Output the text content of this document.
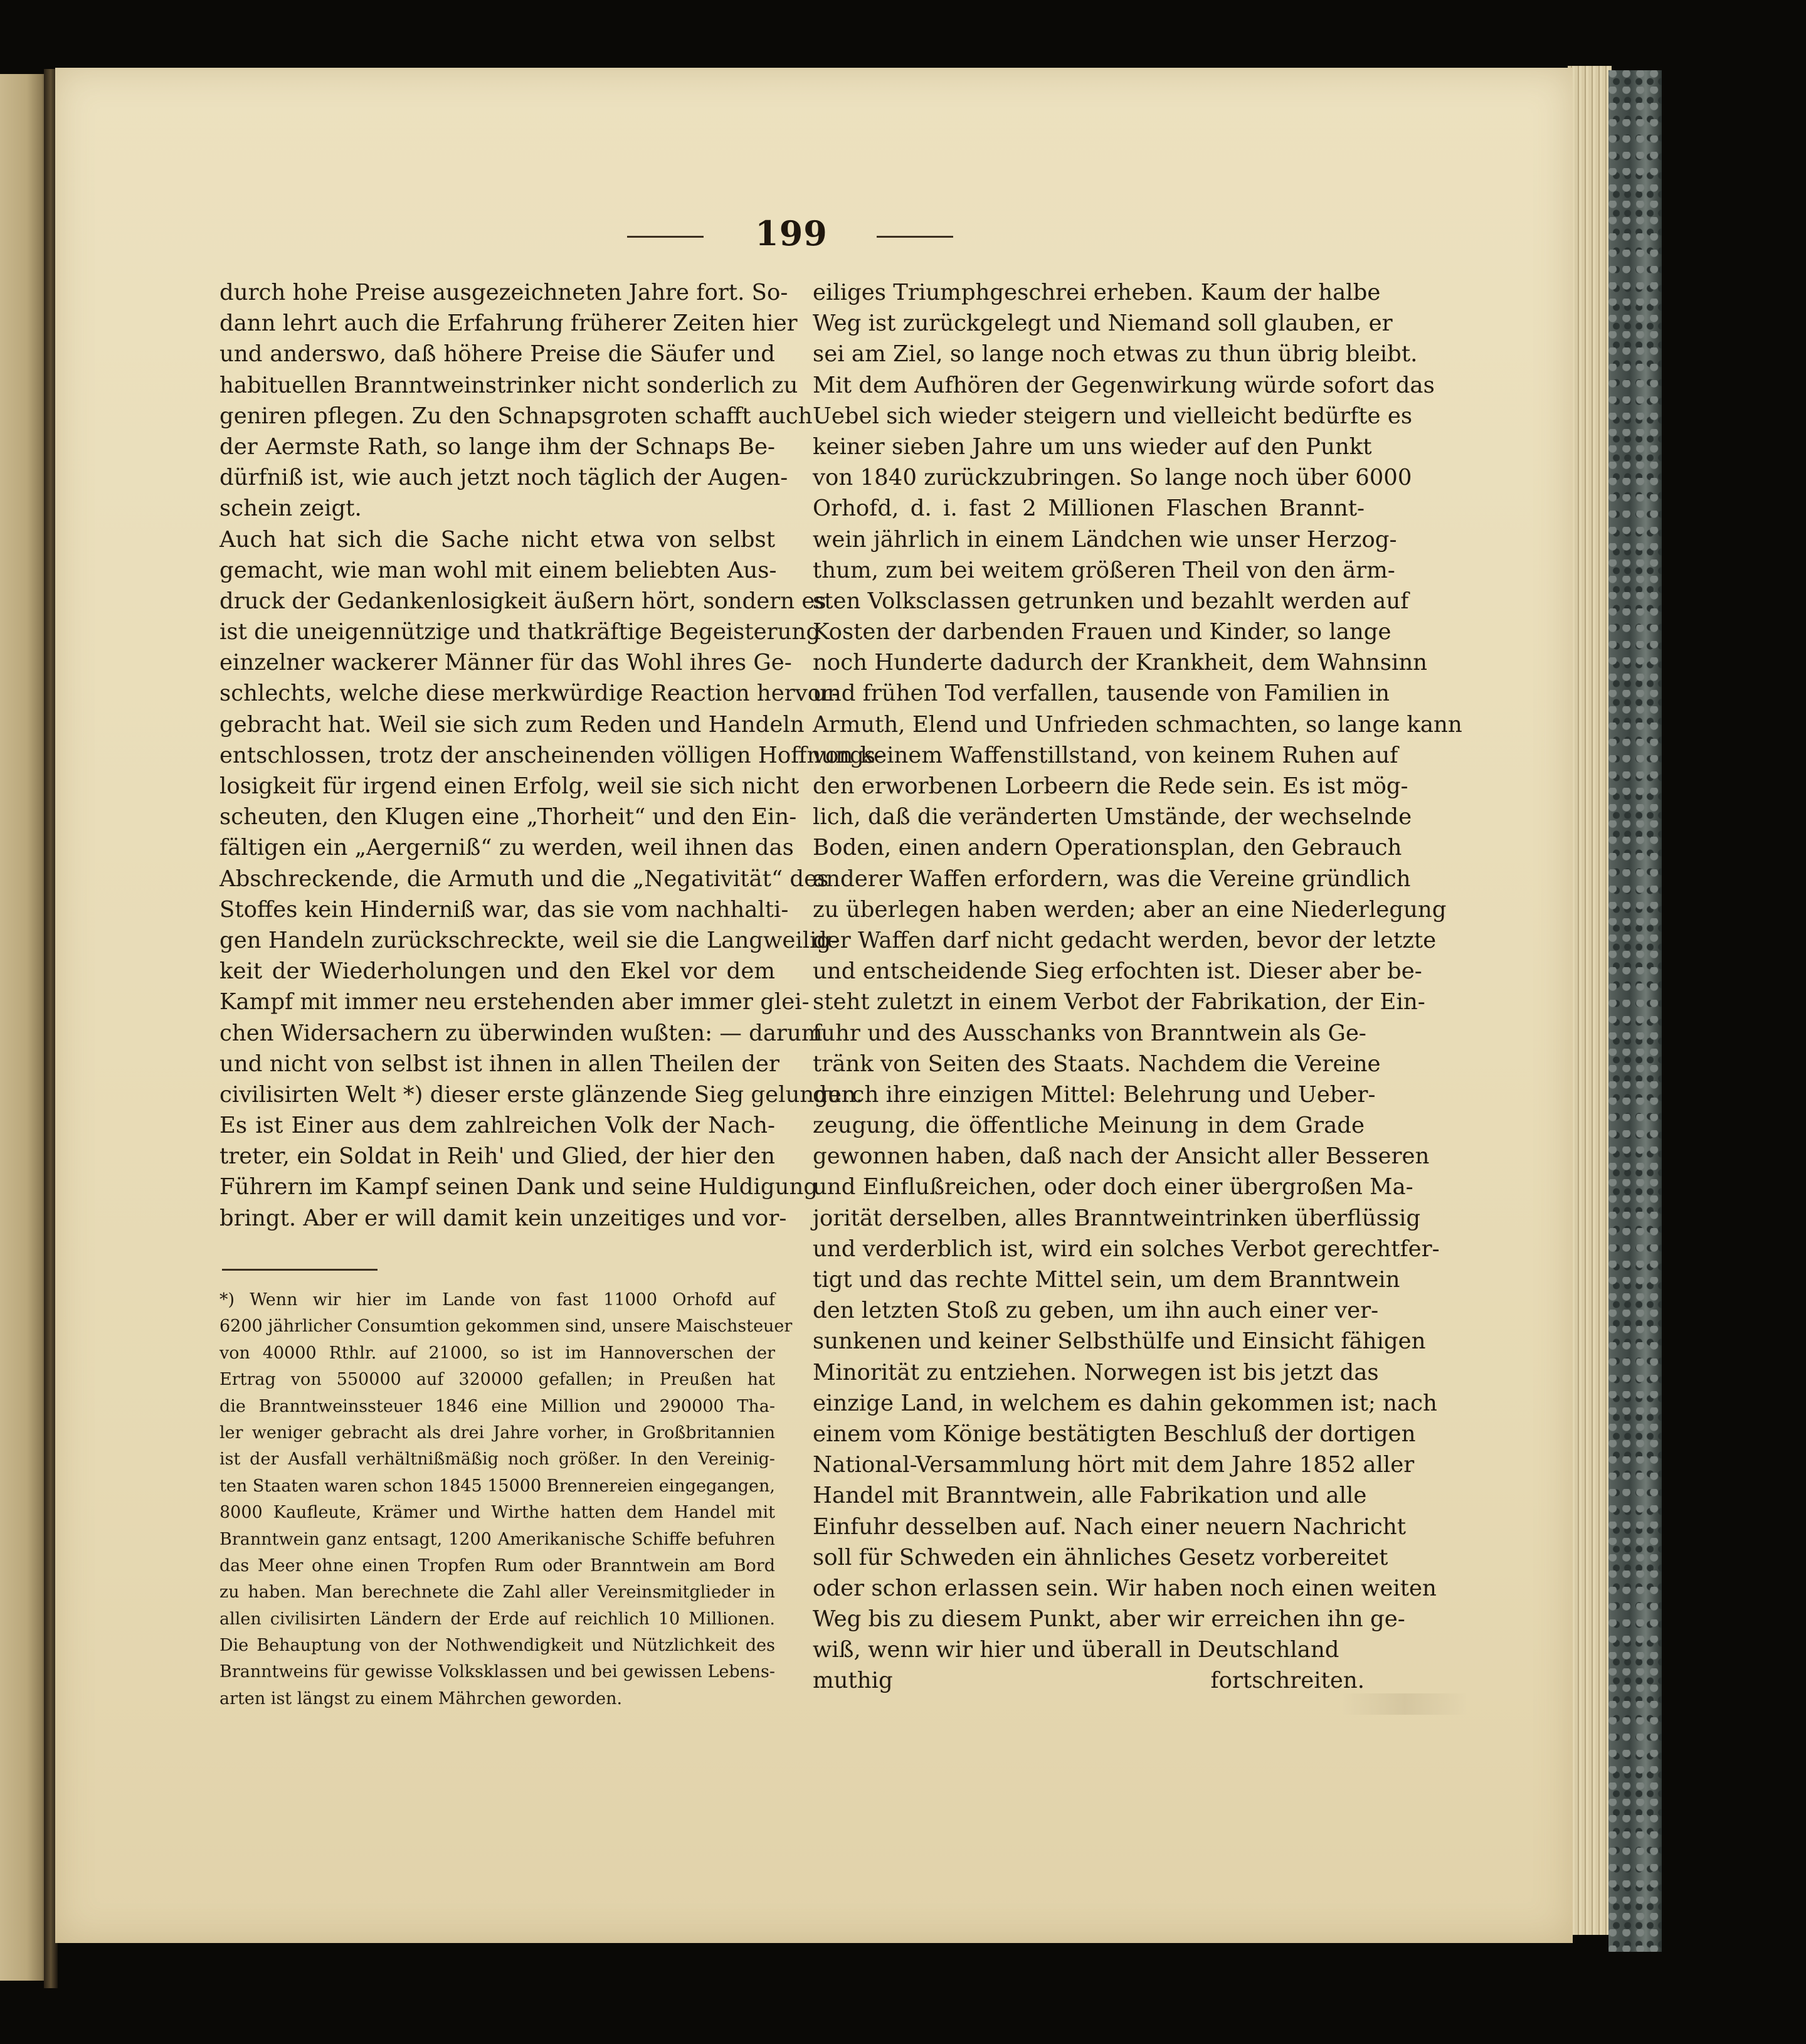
199
durch hohe Preise ausgezeichneten Jahre fort. So-
dann lehrt auch die Erfahrung früherer Zeiten hier
und anderswo, daß höhere Preise die Säufer und
habituellen Branntweinstrinker nicht sonderlich zu
geniren pflegen. Zu den Schnapsgroten schafft auch
der Aermste Rath, so lange ihm der Schnaps Be-
dürfniß ist, wie auch jetzt noch täglich der Augen-
schein zeigt.
Auch hat sich die Sache nicht etwa von selbst
gemacht, wie man wohl mit einem beliebten Aus-
druck der Gedankenlosigkeit äußern hört, sondern es
ist die uneigennützige und thatkräftige Begeisterung
einzelner wackerer Männer für das Wohl ihres Ge-
schlechts, welche diese merkwürdige Reaction hervor-
gebracht hat. Weil sie sich zum Reden und Handeln
entschlossen, trotz der anscheinenden völligen Hoffnungs-
losigkeit für irgend einen Erfolg, weil sie sich nicht
scheuten, den Klugen eine „Thorheit“ und den Ein-
fältigen ein „Aergerniß“ zu werden, weil ihnen das
Abschreckende, die Armuth und die „Negativität“ des
Stoffes kein Hinderniß war, das sie vom nachhalti-
gen Handeln zurückschreckte, weil sie die Langweilig-
keit der Wiederholungen und den Ekel vor dem
Kampf mit immer neu erstehenden aber immer glei-
chen Widersachern zu überwinden wußten: — darum
und nicht von selbst ist ihnen in allen Theilen der
civilisirten Welt *) dieser erste glänzende Sieg gelungen.
Es ist Einer aus dem zahlreichen Volk der Nach-
treter, ein Soldat in Reih' und Glied, der hier den
Führern im Kampf seinen Dank und seine Huldigung
bringt. Aber er will damit kein unzeitiges und vor-
*) Wenn wir hier im Lande von fast 11000 Orhofd auf
6200 jährlicher Consumtion gekommen sind, unsere Maischsteuer
von 40000 Rthlr. auf 21000, so ist im Hannoverschen der
Ertrag von 550000 auf 320000 gefallen; in Preußen hat
die Branntweinssteuer 1846 eine Million und 290000 Tha-
ler weniger gebracht als drei Jahre vorher, in Großbritannien
ist der Ausfall verhältnißmäßig noch größer. In den Vereinig-
ten Staaten waren schon 1845 15000 Brennereien eingegangen,
8000 Kaufleute, Krämer und Wirthe hatten dem Handel mit
Branntwein ganz entsagt, 1200 Amerikanische Schiffe befuhren
das Meer ohne einen Tropfen Rum oder Branntwein am Bord
zu haben. Man berechnete die Zahl aller Vereinsmitglieder in
allen civilisirten Ländern der Erde auf reichlich 10 Millionen.
Die Behauptung von der Nothwendigkeit und Nützlichkeit des
Branntweins für gewisse Volksklassen und bei gewissen Lebens-
arten ist längst zu einem Mährchen geworden.
eiliges Triumphgeschrei erheben. Kaum der halbe
Weg ist zurückgelegt und Niemand soll glauben, er
sei am Ziel, so lange noch etwas zu thun übrig bleibt.
Mit dem Aufhören der Gegenwirkung würde sofort das
Uebel sich wieder steigern und vielleicht bedürfte es
keiner sieben Jahre um uns wieder auf den Punkt
von 1840 zurückzubringen. So lange noch über 6000
Orhofd, d. i. fast 2 Millionen Flaschen Brannt-
wein jährlich in einem Ländchen wie unser Herzog-
thum, zum bei weitem größeren Theil von den ärm-
sten Volksclassen getrunken und bezahlt werden auf
Kosten der darbenden Frauen und Kinder, so lange
noch Hunderte dadurch der Krankheit, dem Wahnsinn
und frühen Tod verfallen, tausende von Familien in
Armuth, Elend und Unfrieden schmachten, so lange kann
von keinem Waffenstillstand, von keinem Ruhen auf
den erworbenen Lorbeern die Rede sein. Es ist mög-
lich, daß die veränderten Umstände, der wechselnde
Boden, einen andern Operationsplan, den Gebrauch
anderer Waffen erfordern, was die Vereine gründlich
zu überlegen haben werden; aber an eine Niederlegung
der Waffen darf nicht gedacht werden, bevor der letzte
und entscheidende Sieg erfochten ist. Dieser aber be-
steht zuletzt in einem Verbot der Fabrikation, der Ein-
fuhr und des Ausschanks von Branntwein als Ge-
tränk von Seiten des Staats. Nachdem die Vereine
durch ihre einzigen Mittel: Belehrung und Ueber-
zeugung, die öffentliche Meinung in dem Grade
gewonnen haben, daß nach der Ansicht aller Besseren
und Einflußreichen, oder doch einer übergroßen Ma-
jorität derselben, alles Branntweintrinken überflüssig
und verderblich ist, wird ein solches Verbot gerechtfer-
tigt und das rechte Mittel sein, um dem Branntwein
den letzten Stoß zu geben, um ihn auch einer ver-
sunkenen und keiner Selbsthülfe und Einsicht fähigen
Minorität zu entziehen. Norwegen ist bis jetzt das
einzige Land, in welchem es dahin gekommen ist; nach
einem vom Könige bestätigten Beschluß der dortigen
National-Versammlung hört mit dem Jahre 1852 aller
Handel mit Branntwein, alle Fabrikation und alle
Einfuhr desselben auf. Nach einer neuern Nachricht
soll für Schweden ein ähnliches Gesetz vorbereitet
oder schon erlassen sein. Wir haben noch einen weiten
Weg bis zu diesem Punkt, aber wir erreichen ihn ge-
wiß, wenn wir hier und überall in Deutschland
muthig fortschreiten.
